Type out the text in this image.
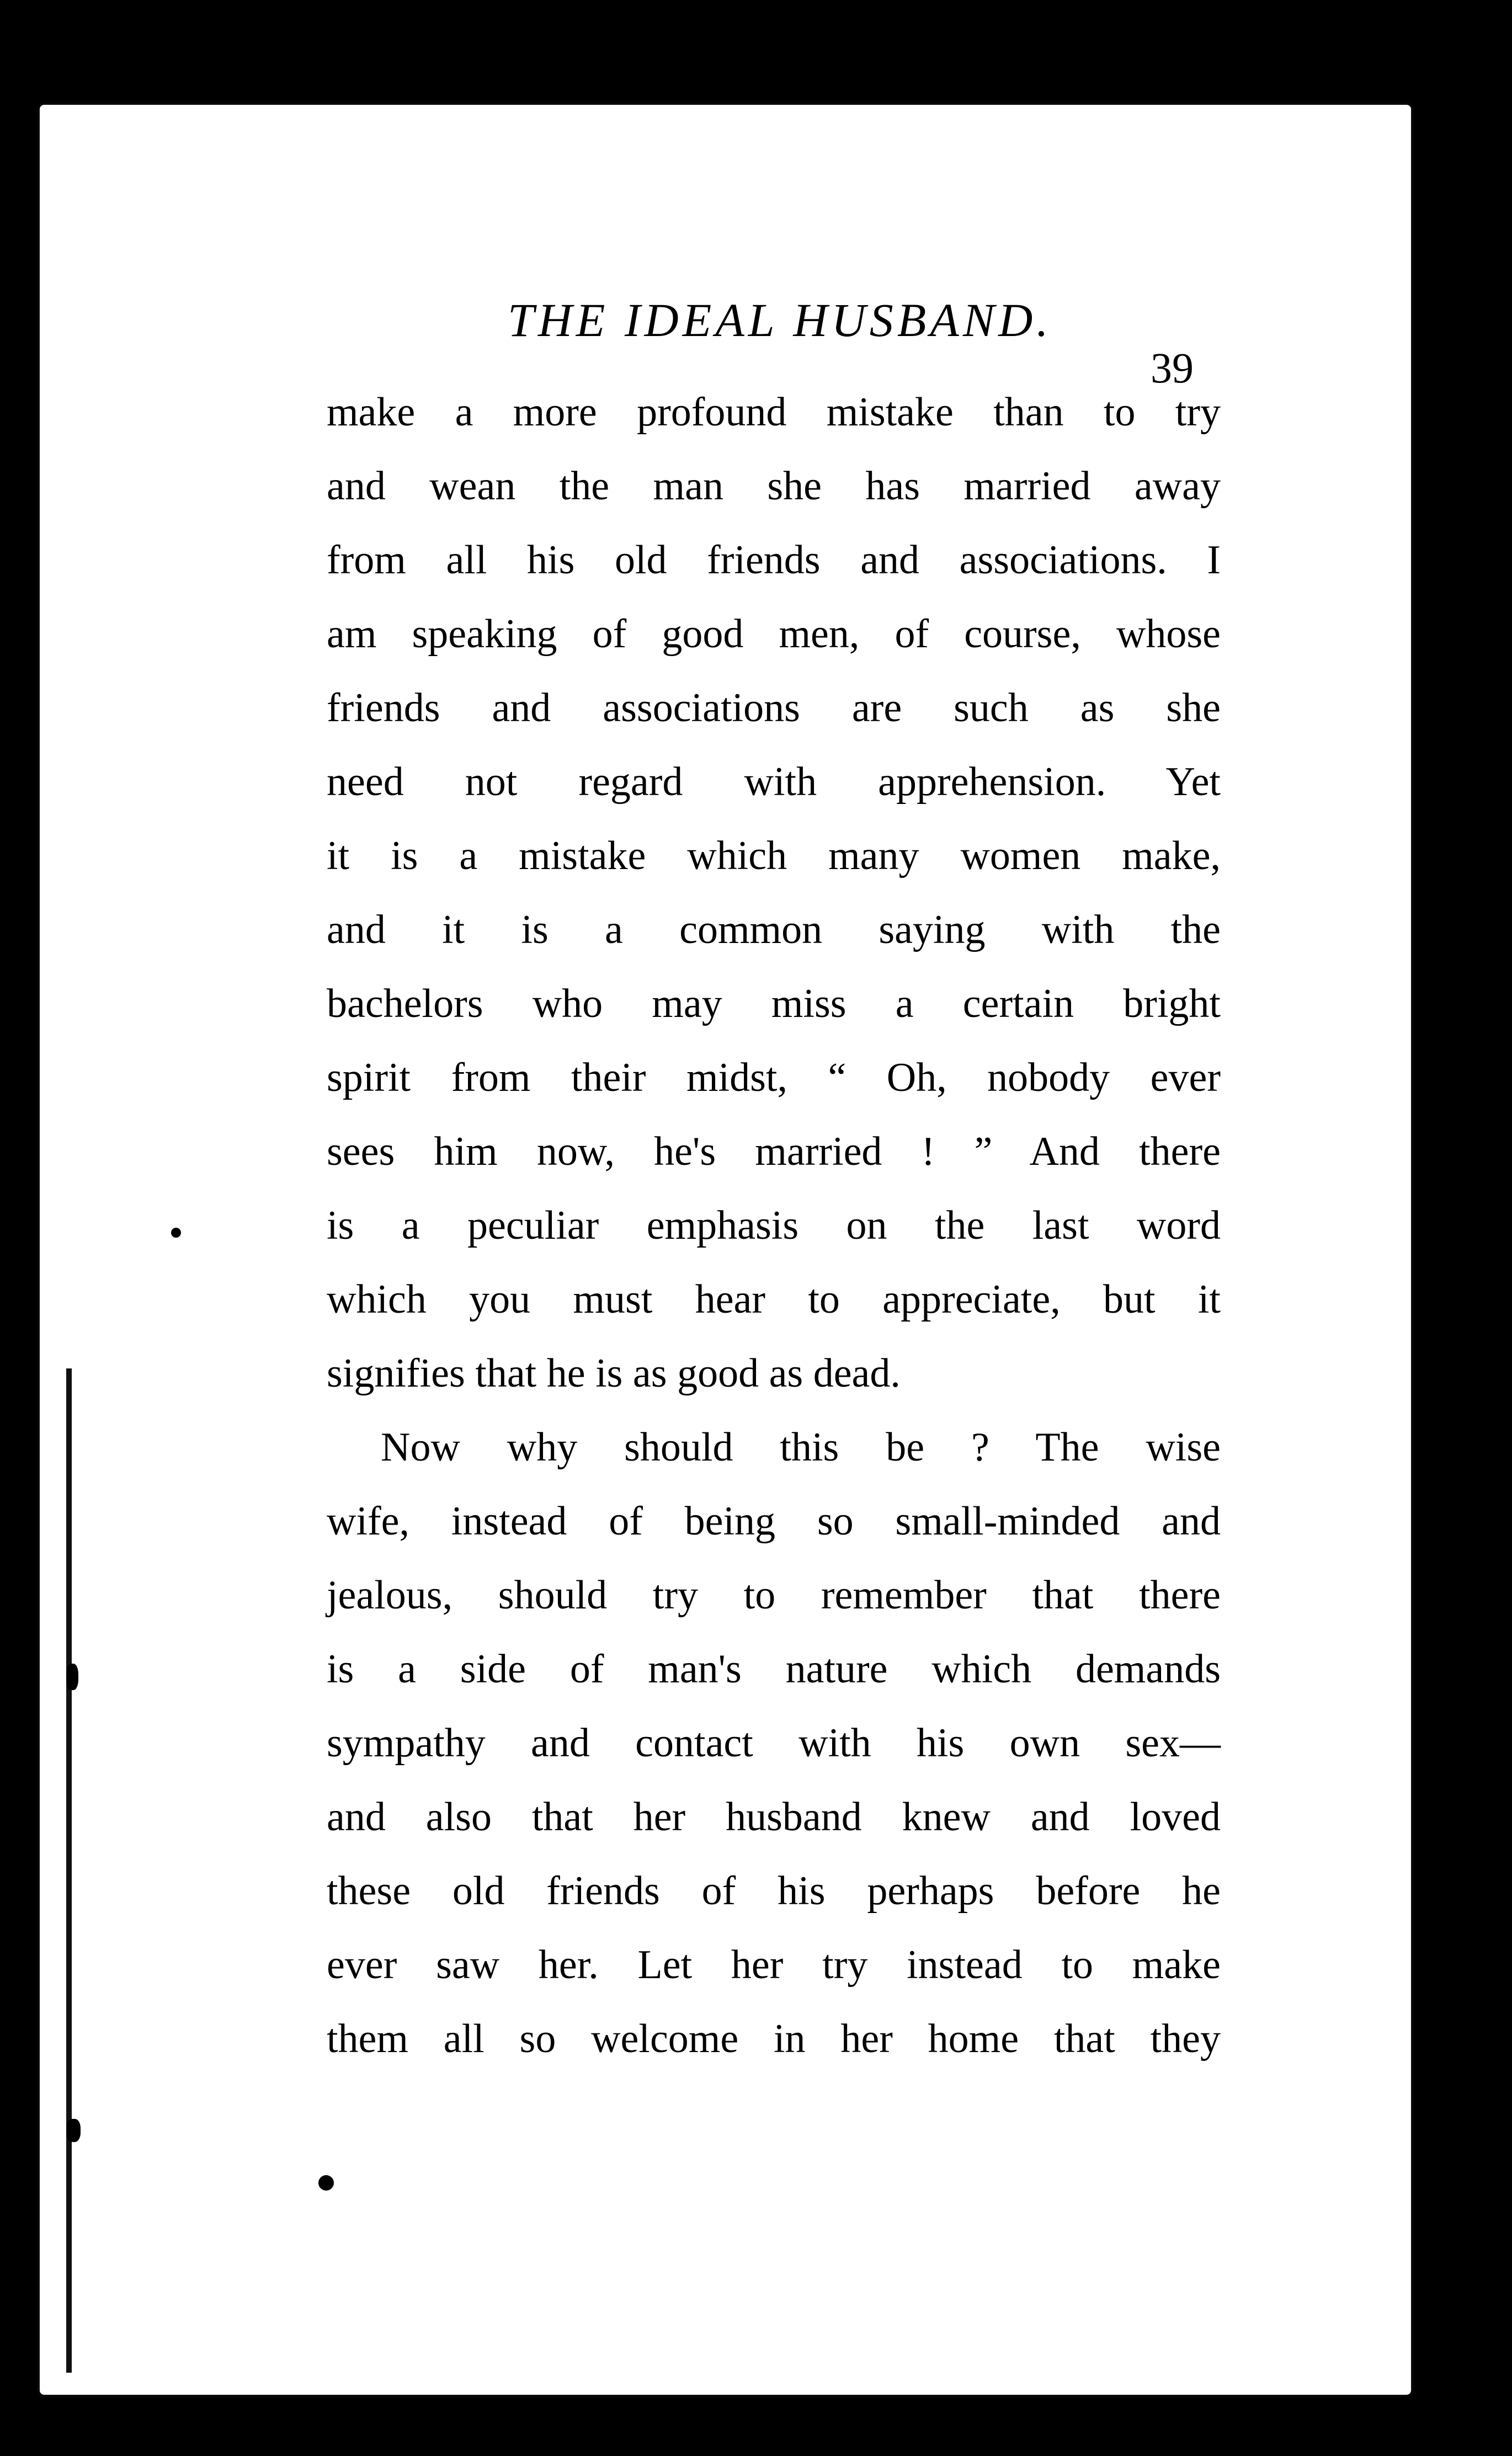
THE IDEAL HUSBAND.
39
make a more profound mistake than to try
and wean the man she has married away
from all his old friends and associations. I
am speaking of good men, of course, whose
friends and associations are such as she
need not regard with apprehension. Yet
it is a mistake which many women make,
and it is a common saying with the
bachelors who may miss a certain bright
spirit from their midst, “ Oh, nobody ever
sees him now, he's married ! ” And there
is a peculiar emphasis on the last word
which you must hear to appreciate, but it
signifies that he is as good as dead.
Now why should this be ? The wise
wife, instead of being so small-minded and
jealous, should try to remember that there
is a side of man's nature which demands
sympathy and contact with his own sex—
and also that her husband knew and loved
these old friends of his perhaps before he
ever saw her. Let her try instead to make
them all so welcome in her home that they
